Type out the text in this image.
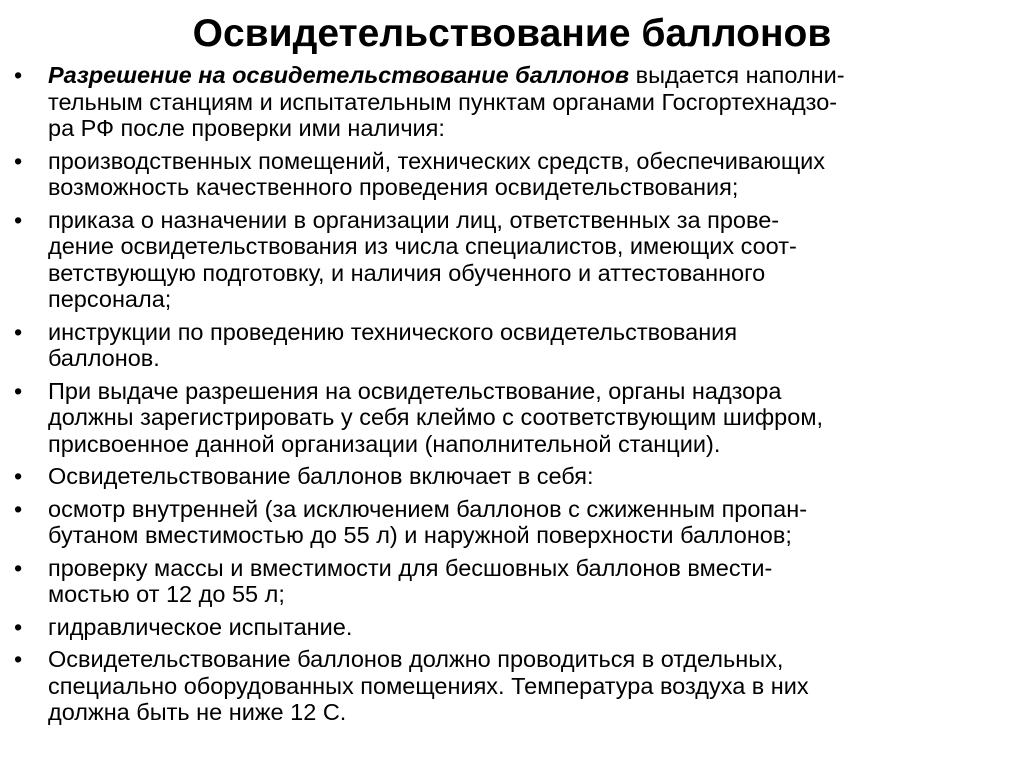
Освидетельствование баллонов
• Разрешение на освидетельствование баллонов выдается наполни-
тельным станциям и испытательным пунктам органами Госгортехнадзо-
ра РФ после проверки ими наличия:
• производственных помещений, технических средств, обеспечивающих
возможность качественного проведения освидетельствования;
• приказа о назначении в организации лиц, ответственных за прове-
дение освидетельствования из числа специалистов, имеющих соот-
ветствующую подготовку, и наличия обученного и аттестованного
персонала;
• инструкции по проведению технического освидетельствования
баллонов.
• При выдаче разрешения на освидетельствование, органы надзора
должны зарегистрировать у себя клеймо с соответствующим шифром,
присвоенное данной организации (наполнительной станции).
• Освидетельствование баллонов включает в себя:
• осмотр внутренней (за исключением баллонов с сжиженным пропан-
бутаном вместимостью до 55 л) и наружной поверхности баллонов;
• проверку массы и вместимости для бесшовных баллонов вмести-
мостью от 12 до 55 л;
• гидравлическое испытание.
• Освидетельствование баллонов должно проводиться в отдельных,
специально оборудованных помещениях. Температура воздуха в них
должна быть не ниже 12 С.
